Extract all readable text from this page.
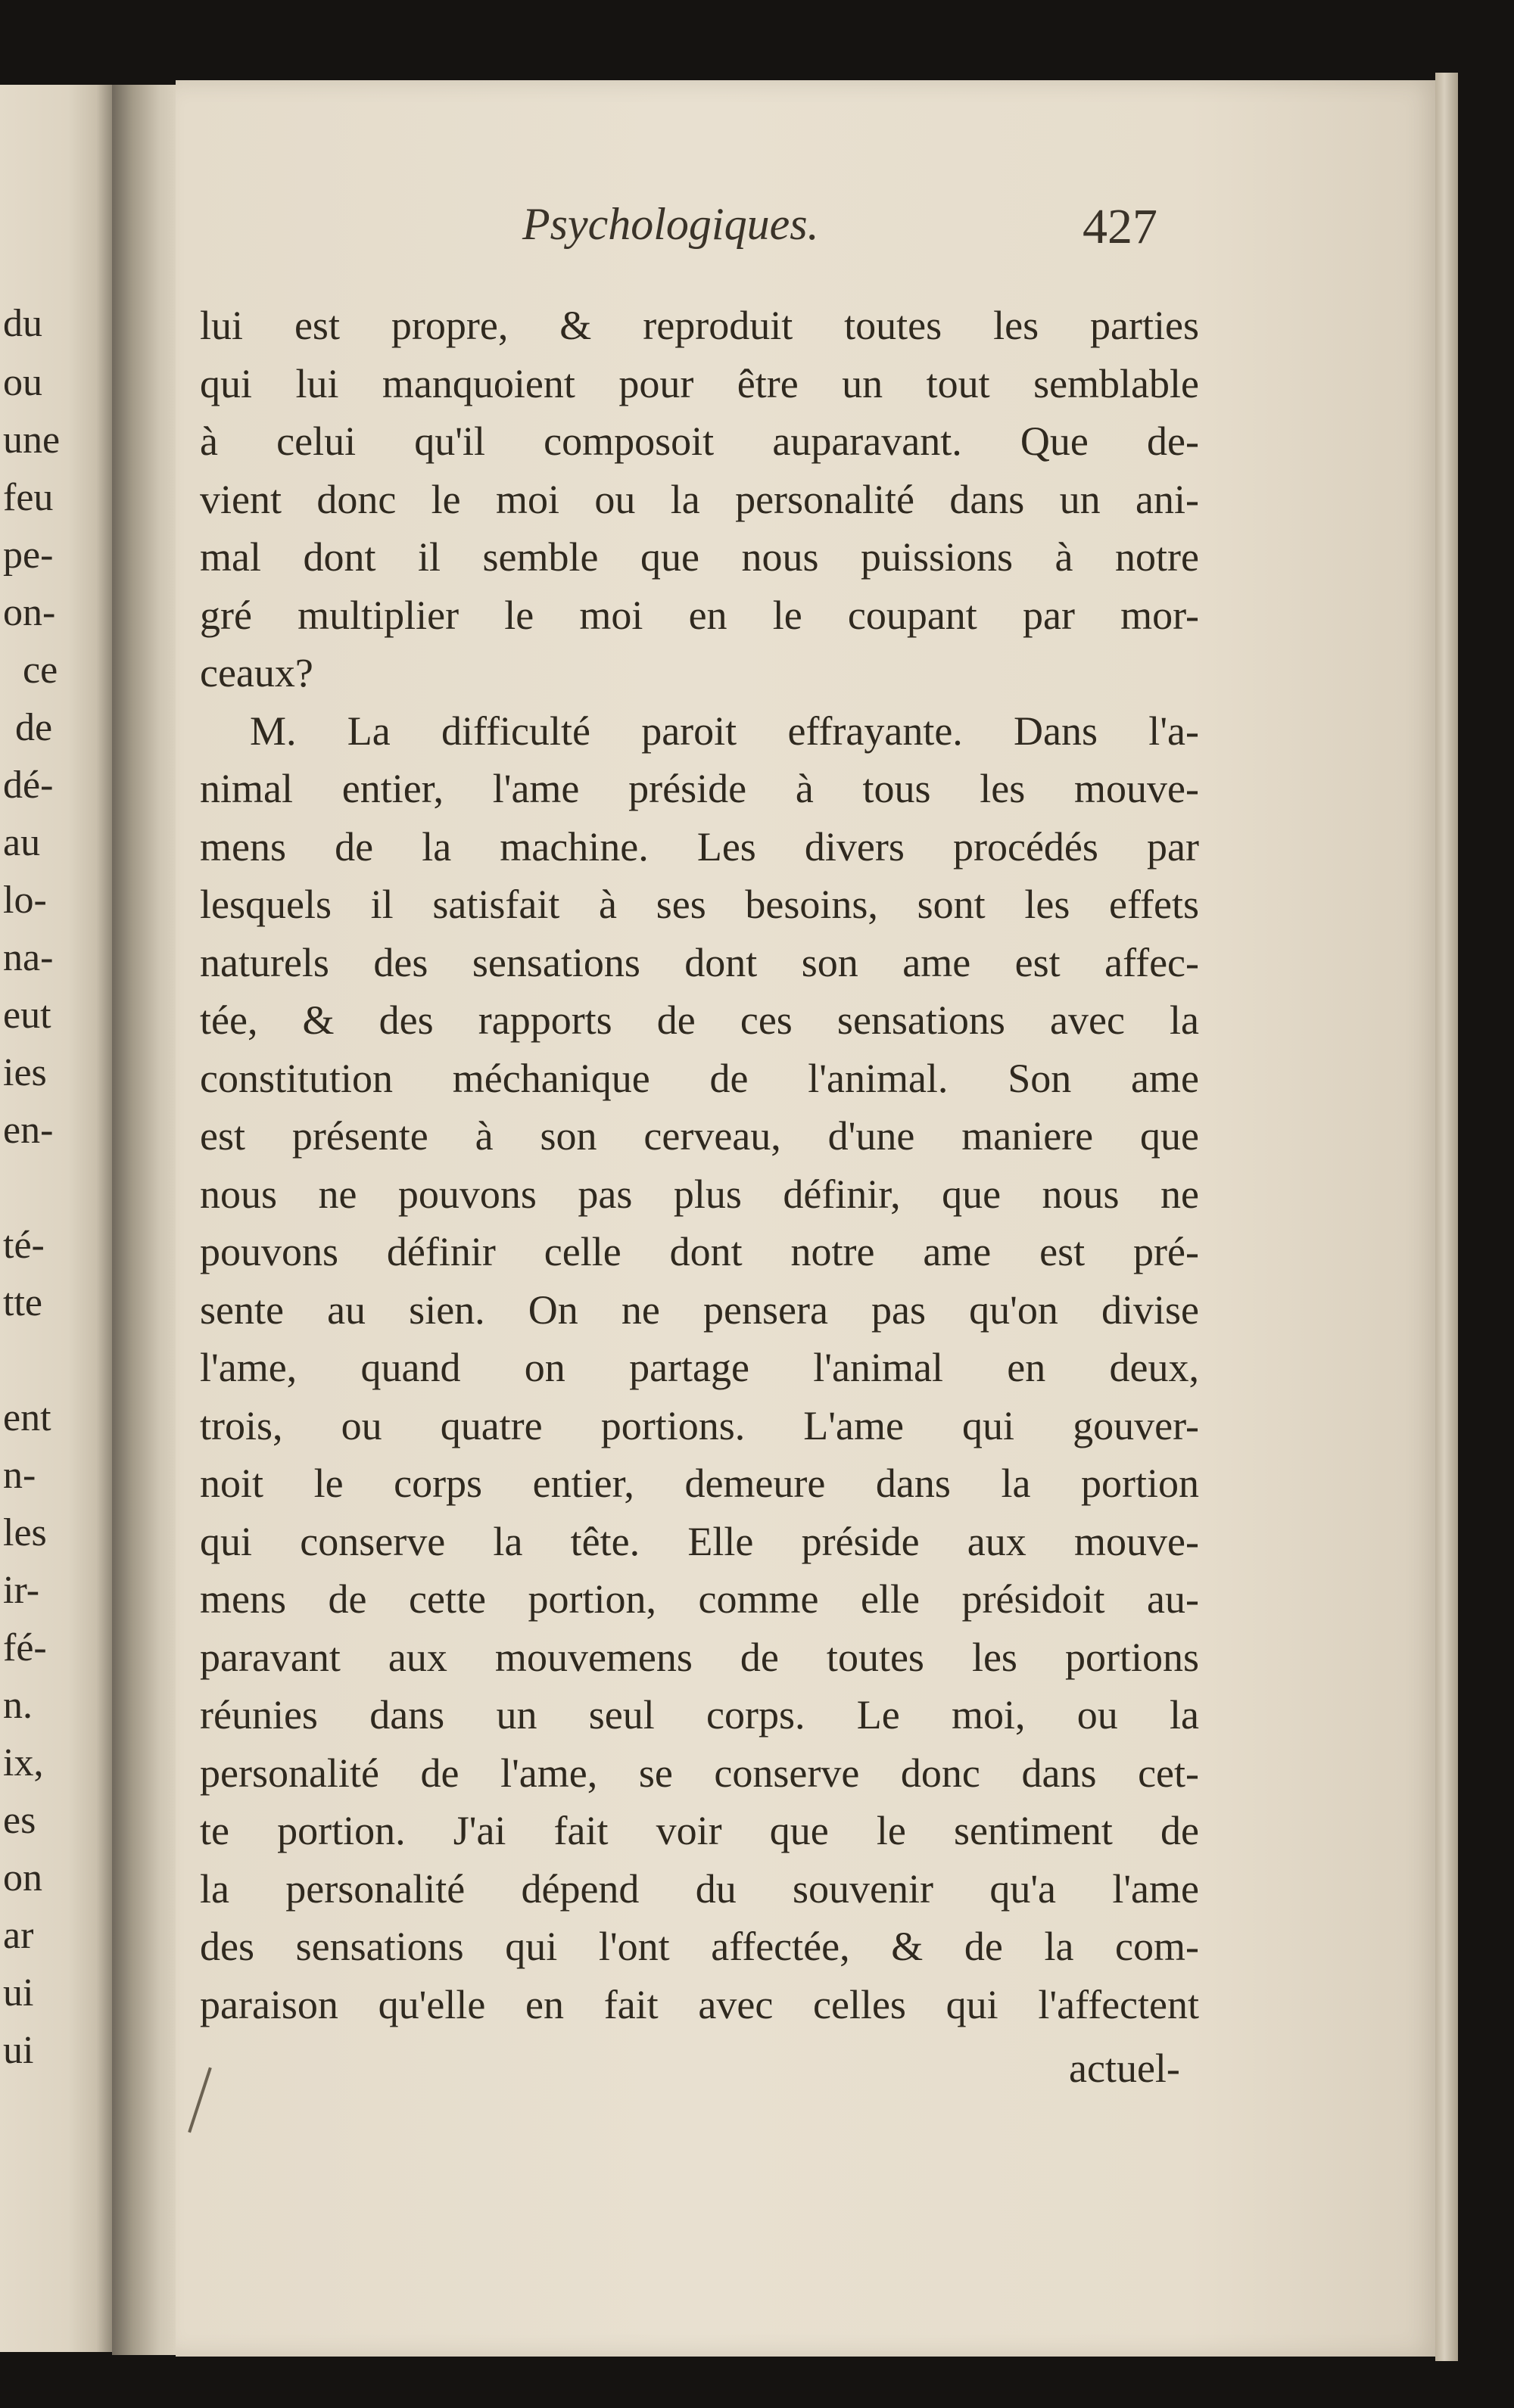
du

ou

une

feu

pe-

on-

ce

de

dé-

au

lo-

na-

eut

ies

en-

té-

tte

ent

n-

les

ir-

fé-

n.

ix,

es

on

ar

ui

ui

Psychologiques.	427

lui est propre, & reproduit toutes les parties
qui lui manquoient pour être un tout semblable
à celui qu'il composoit auparavant. Que de-
vient donc le moi ou la personalité dans un ani-
mal dont il semble que nous puissions à notre
gré multiplier le moi en le coupant par mor-
ceaux?
M. La difficulté paroit effrayante. Dans l'a-
nimal entier, l'ame préside à tous les mouve-
mens de la machine. Les divers procédés par
lesquels il satisfait à ses besoins, sont les effets
naturels des sensations dont son ame est affec-
tée, & des rapports de ces sensations avec la
constitution méchanique de l'animal. Son ame
est présente à son cerveau, d'une maniere que
nous ne pouvons pas plus définir, que nous ne
pouvons définir celle dont notre ame est pré-
sente au sien. On ne pensera pas qu'on divise
l'ame, quand on partage l'animal en deux,
trois, ou quatre portions. L'ame qui gouver-
noit le corps entier, demeure dans la portion
qui conserve la tête. Elle préside aux mouve-
mens de cette portion, comme elle présidoit au-
paravant aux mouvemens de toutes les portions
réunies dans un seul corps. Le moi, ou la
personalité de l'ame, se conserve donc dans cet-
te portion. J'ai fait voir que le sentiment de
la personalité dépend du souvenir qu'a l'ame
des sensations qui l'ont affectée, & de la com-
paraison qu'elle en fait avec celles qui l'affectent

actuel-
